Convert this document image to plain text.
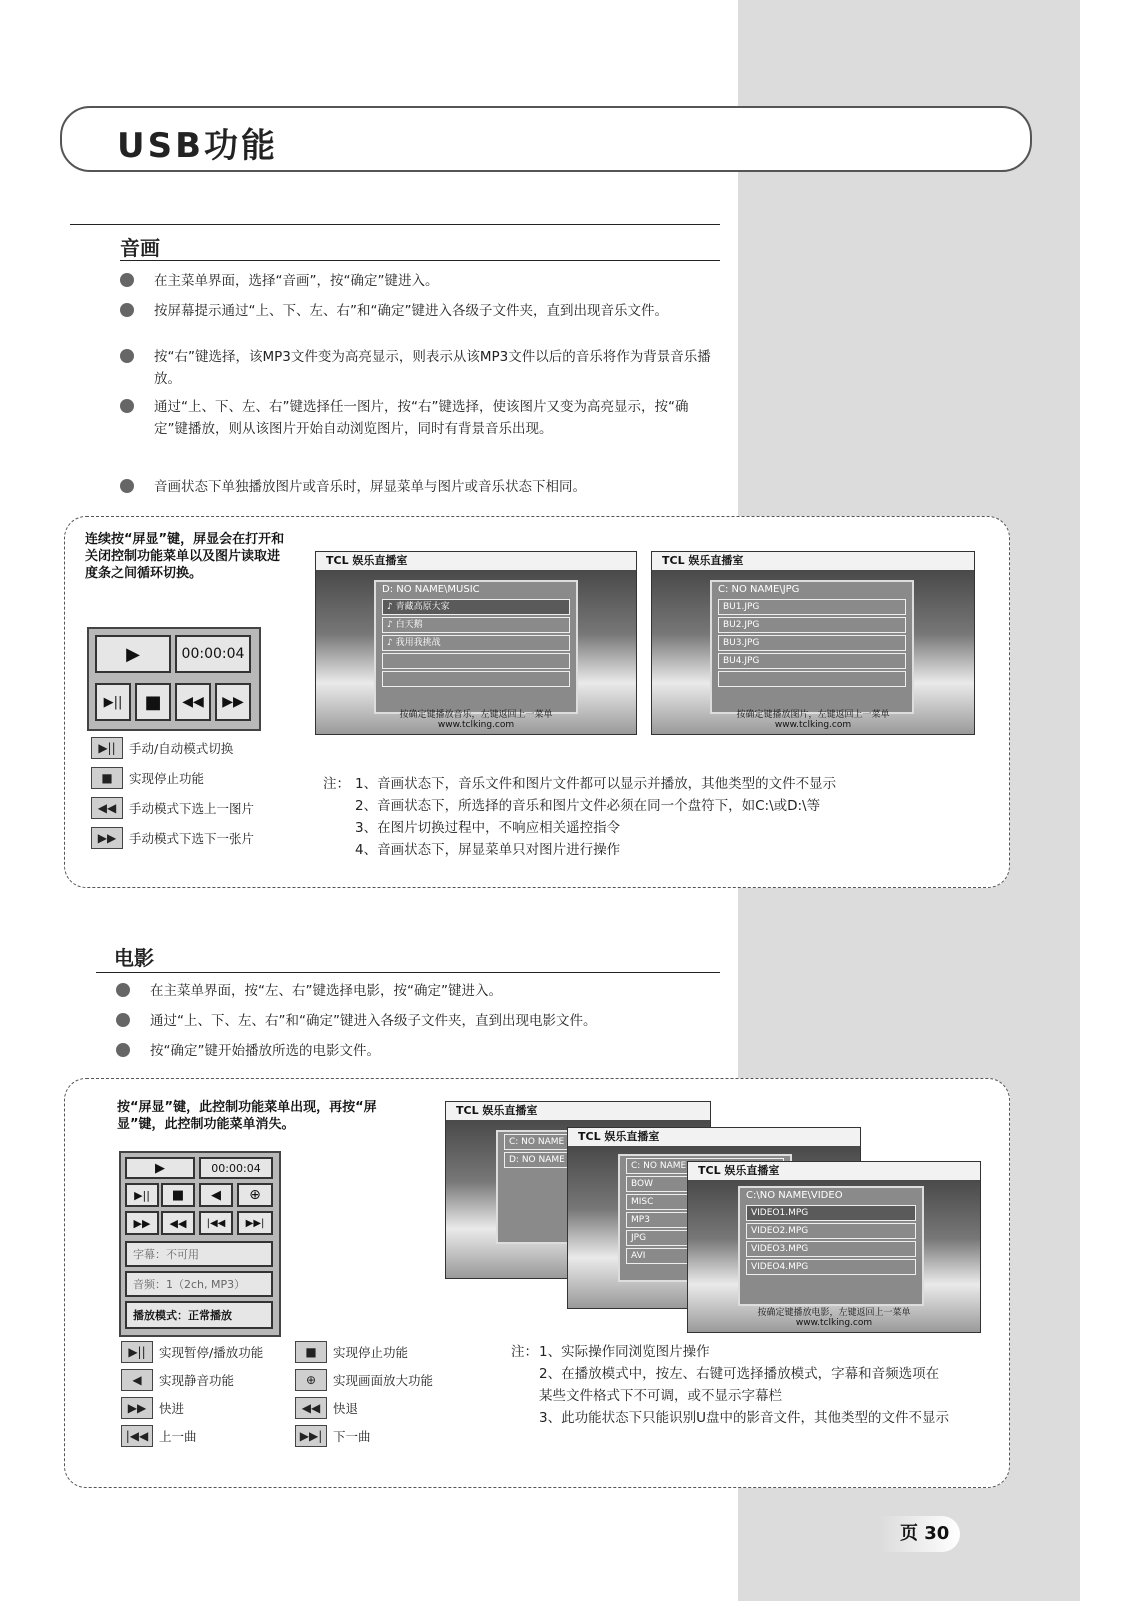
USB功能
音画
在主菜单界面，选择“音画”，按“确定”键进入。
按屏幕提示通过“上、下、左、右”和“确定”键进入各级子文件夹，直到出现音乐文件。
按“右”键选择，该MP3文件变为高亮显示，则表示从该MP3文件以后的音乐将作为背景音乐播放。
通过“上、下、左、右”键选择任一图片，按“右”键选择，使该图片又变为高亮显示，按“确定”键播放，则从该图片开始自动浏览图片，同时有背景音乐出现。
音画状态下单独播放图片或音乐时，屏显菜单与图片或音乐状态下相同。
连续按“屏显”键，屏显会在打开和关闭控制功能菜单以及图片读取进度条之间循环切换。
▶	00:00:04
▶||	■	◀◀	▶▶
▶||	手动/自动模式切换
■	实现停止功能
◀◀	手动模式下选上一图片
▶▶	手动模式下选下一张片
TCL 娱乐直播室
D: NO NAME\MUSIC
♪ 青藏高原大家
♪ 白天鹅
♪ 我用我挑战
按确定键播放音乐，左键返回上一菜单
www.tclking.com
TCL 娱乐直播室
C: NO NAME\JPG
BU1.JPG
BU2.JPG
BU3.JPG
BU4.JPG
按确定键播放图片，左键返回上一菜单
www.tclking.com
注： 1、音画状态下，音乐文件和图片文件都可以显示并播放，其他类型的文件不显示
2、音画状态下，所选择的音乐和图片文件必须在同一个盘符下，如C:\或D:\等
3、在图片切换过程中，不响应相关遥控指令
4、音画状态下，屏显菜单只对图片进行操作
电影
在主菜单界面，按“左、右”键选择电影，按“确定”键进入。
通过“上、下、左、右”和“确定”键进入各级子文件夹，直到出现电影文件。
按“确定”键开始播放所选的电影文件。
按“屏显”键，此控制功能菜单出现，再按“屏显”键，此控制功能菜单消失。
▶	00:00:04
▶||	■	◀	⊕
▶▶	◀◀	|◀◀	▶▶|
字幕：不可用
音频：1（2ch, MP3）
播放模式：正常播放
▶||	实现暂停/播放功能	■	实现停止功能
◀	实现静音功能	⊕	实现画面放大功能
▶▶	快进	◀◀	快退
|◀◀ 上一曲	▶▶| 下一曲
TCL 娱乐直播室
C: NO NAME
D: NO NAME
TCL 娱乐直播室
C: NO NAME
BOW
MISC
MP3
JPG
AVI
TCL 娱乐直播室
C:\NO NAME\VIDEO
VIDEO1.MPG
VIDEO2.MPG
VIDEO3.MPG
VIDEO4.MPG
按确定键播放电影，左键返回上一菜单
www.tclking.com
注： 1、实际操作同浏览图片操作
2、在播放模式中，按左、右键可选择播放模式，字幕和音频选项在某些文件格式下不可调，或不显示字幕栏
3、此功能状态下只能识别U盘中的影音文件，其他类型的文件不显示
页 30
